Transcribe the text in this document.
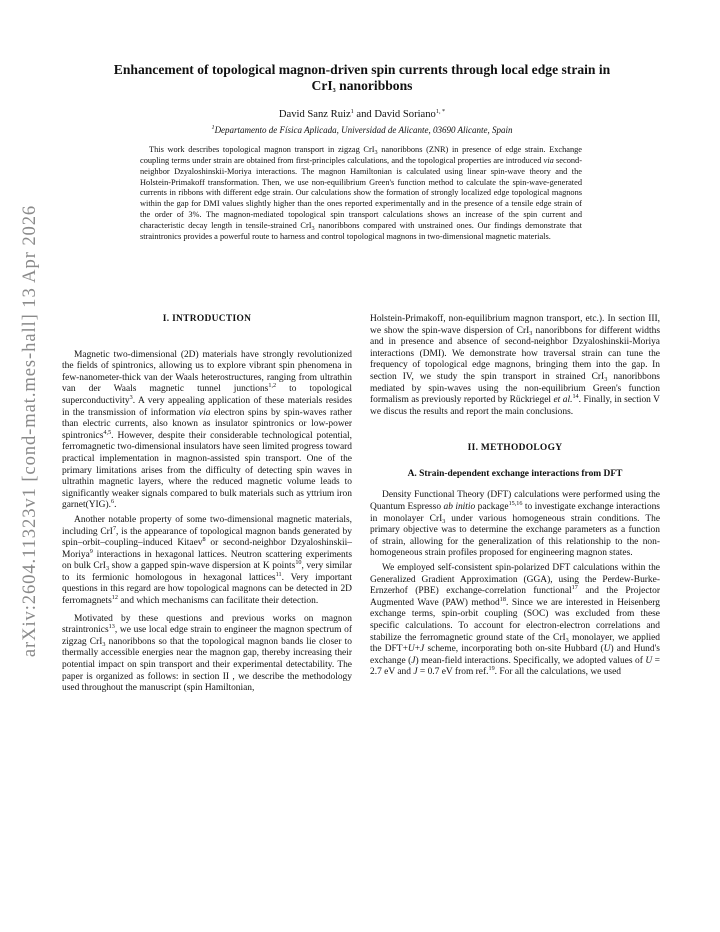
arXiv:2604.11323v1 [cond-mat.mes-hall] 13 Apr 2026
Enhancement of topological magnon-driven spin currents through local edge strain in
CrI$_3$ nanoribbons
David Sanz Ruiz$^1$ and David Soriano$^{1, *}$
$^1$Departamento de Física Aplicada, Universidad de Alicante, 03690 Alicante, Spain

This work describes topological magnon transport in zigzag CrI$_3$ nanoribbons (ZNR) in presence of edge strain. Exchange coupling terms under strain are obtained from first-principles calculations, and the topological properties are introduced via second-neighbor Dzyaloshinskii-Moriya interactions. The magnon Hamiltonian is calculated using linear spin-wave theory and the Holstein-Primakoff transformation. Then, we use non-equilibrium Green's function method to calculate the spin-wave-generated currents in ribbons with different edge strain. Our calculations show the formation of strongly localized edge topological magnons within the gap for DMI values slightly higher than the ones reported experimentally and in the presence of a tensile edge strain of the order of 3%. The magnon-mediated topological spin transport calculations shows an increase of the spin current and characteristic decay length in tensile-strained CrI$_3$ nanoribbons compared with unstrained ones. Our findings demonstrate that straintronics provides a powerful route to harness and control topological magnons in two-dimensional magnetic materials.

I. INTRODUCTION

Magnetic two-dimensional (2D) materials have strongly revolutionized the fields of spintronics, allowing us to explore vibrant spin phenomena in few-nanometer-thick van der Waals heterostructures, ranging from ultrathin van der Waals magnetic tunnel junctions$^{1,2}$ to topological superconductivity$^3$. A very appealing application of these materials resides in the transmission of information via electron spins by spin-waves rather than electric currents, also known as insulator spintronics or low-power spintronics$^{4,5}$. However, despite their considerable technological potential, ferromagnetic two-dimensional insulators have seen limited progress toward practical implementation in magnon-assisted spin transport. One of the primary limitations arises from the difficulty of detecting spin waves in ultrathin magnetic layers, where the reduced magnetic volume leads to significantly weaker signals compared to bulk materials such as yttrium iron garnet(YIG).$^6$.

Another notable property of some two-dimensional magnetic materials, including CrI$^7$, is the appearance of topological magnon bands generated by spin–orbit–coupling–induced Kitaev$^8$ or second-neighbor Dzyaloshinskii–Moriya$^9$ interactions in hexagonal lattices. Neutron scattering experiments on bulk CrI$_3$ show a gapped spin-wave dispersion at K points$^{10}$, very similar to its fermionic homologous in hexagonal lattices$^{11}$. Very important questions in this regard are how topological magnons can be detected in 2D ferromagnets$^{12}$ and which mechanisms can facilitate their detection.

Motivated by these questions and previous works on magnon straintronics$^{13}$, we use local edge strain to engineer the magnon spectrum of zigzag CrI$_3$ nanoribbons so that the topological magnon bands lie closer to thermally accessible energies near the magnon gap, thereby increasing their potential impact on spin transport and their experimental detectability. The paper is organized as follows: in section II , we describe the methodology used throughout the manuscript (spin Hamiltonian,

Holstein-Primakoff, non-equilibrium magnon transport, etc.). In section III, we show the spin-wave dispersion of CrI$_3$ nanoribbons for different widths and in presence and absence of second-neighbor Dzyaloshinskii-Moriya interactions (DMI). We demonstrate how traversal strain can tune the frequency of topological edge magnons, bringing them into the gap. In section IV, we study the spin transport in strained CrI$_3$ nanoribbons mediated by spin-waves using the non-equilibrium Green's function formalism as previously reported by Rückriegel et al.$^{14}$. Finally, in section V we discus the results and report the main conclusions.

II. METHODOLOGY
A. Strain-dependent exchange interactions from DFT

Density Functional Theory (DFT) calculations were performed using the Quantum Espresso ab initio package$^{15,16}$ to investigate exchange interactions in monolayer CrI$_3$ under various homogeneous strain conditions. The primary objective was to determine the exchange parameters as a function of strain, allowing for the generalization of this relationship to the non-homogeneous strain profiles proposed for engineering magnon states.

We employed self-consistent spin-polarized DFT calculations within the Generalized Gradient Approximation (GGA), using the Perdew-Burke-Ernzerhof (PBE) exchange-correlation functional$^{17}$ and the Projector Augmented Wave (PAW) method$^{18}$. Since we are interested in Heisenberg exchange terms, spin-orbit coupling (SOC) was excluded from these specific calculations. To account for electron-electron correlations and stabilize the ferromagnetic ground state of the CrI$_3$ monolayer, we applied the DFT+U+J scheme, incorporating both on-site Hubbard (U) and Hund's exchange (J) mean-field interactions. Specifically, we adopted values of U = 2.7 eV and J = 0.7 eV from ref.$^{19}$. For all the calculations, we used
